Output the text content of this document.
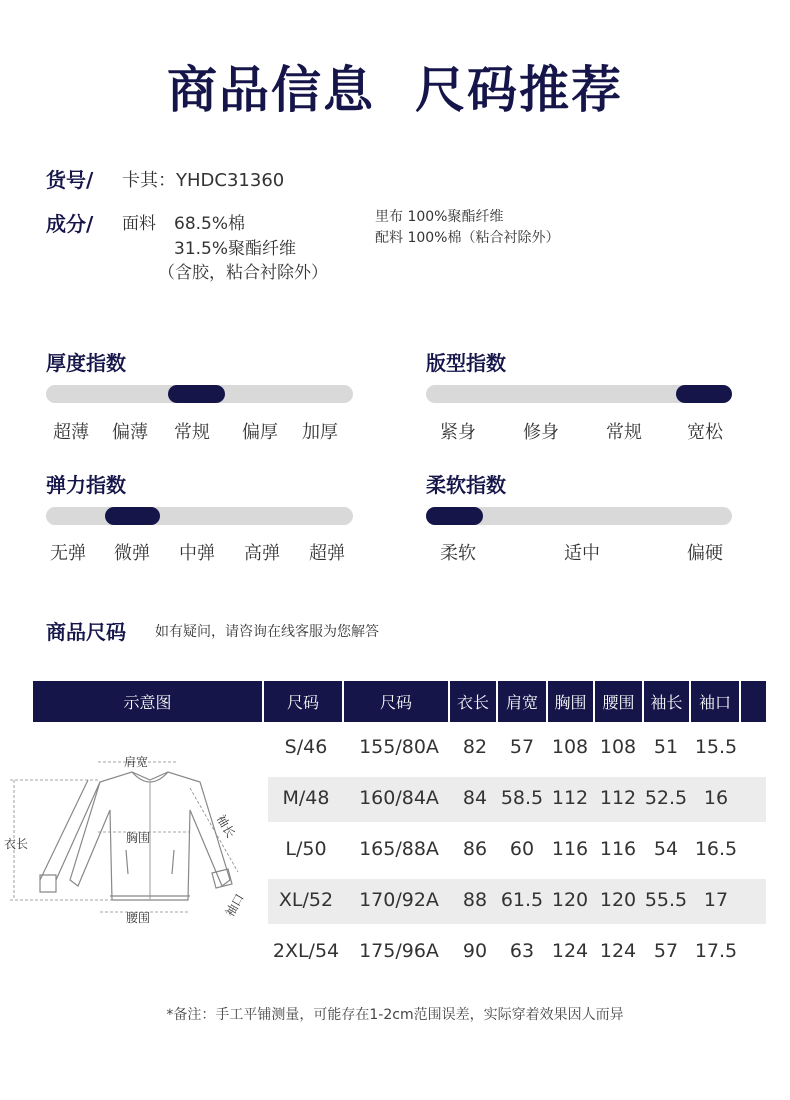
商品信息 尺码推荐
货号/ 卡其：YHDC31360
成分/ 面料 68.5%棉
31.5%聚酯纤维
（含胶，粘合衬除外）
里布 100%聚酯纤维
配料 100%棉（粘合衬除外）
厚度指数
超薄 偏薄 常规 偏厚 加厚
版型指数
紧身	修身	常规	宽松
弹力指数
无弹 微弹 中弹 高弹 超弹
柔软指数
柔软	适中	偏硬
商品尺码 如有疑问，请咨询在线客服为您解答
示意图	尺码	尺码	衣长	肩宽	胸围 腰围 袖长	袖口
S/46 155/80A 82 57 108 108 51 15.5
M/48 160/84A 84 58.5 112 112 52.5 16
L/50 165/88A 86 60 116 116 54 16.5
XL/52 170/92A 88 61.5 120 120 55.5 17
2XL/54 175/96A 90 63 124 124 57 17.5
肩宽
胸围
腰围
衣长
袖长
袖口
*备注：手工平铺测量，可能存在1-2cm范围误差，实际穿着效果因人而异
